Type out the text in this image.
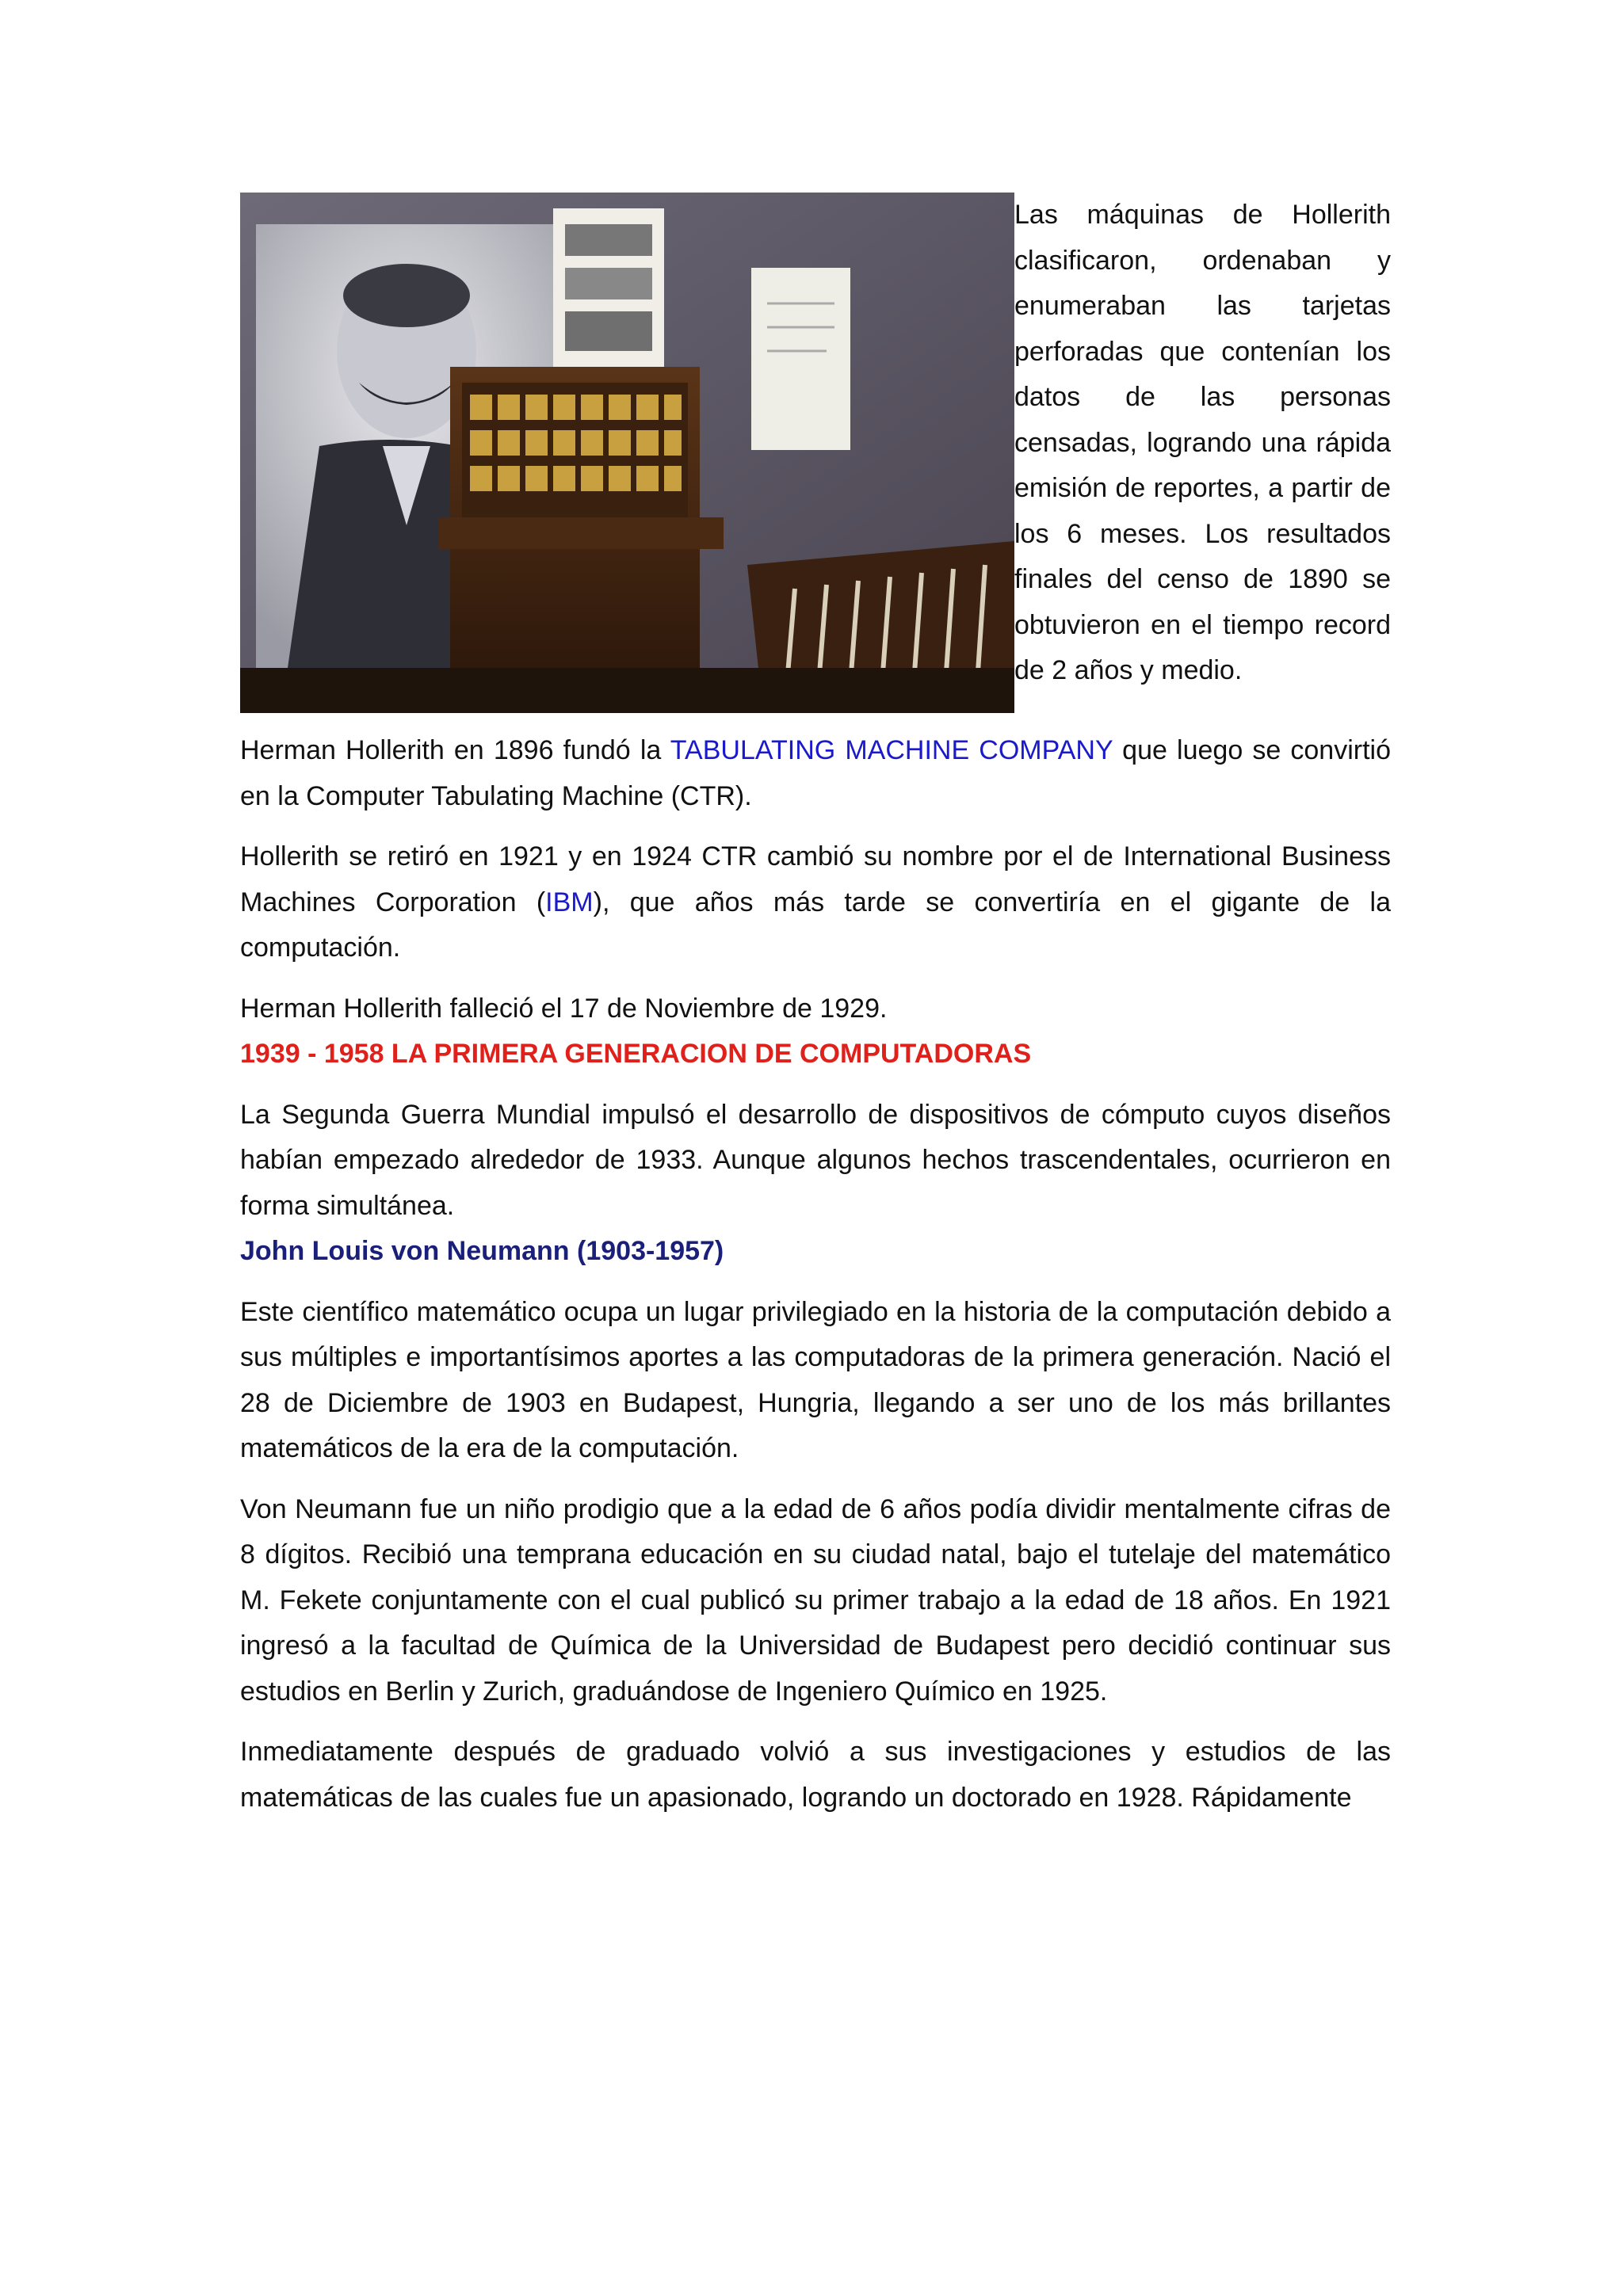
Las máquinas de Hollerith clasificaron, ordenaban y enumeraban las tarjetas perforadas que contenían los datos de las personas censadas, logrando una rápida emisión de reportes, a partir de los 6 meses. Los resultados finales del censo de 1890 se obtuvieron en el tiempo record de 2 años y medio.

Herman Hollerith en 1896 fundó la TABULATING MACHINE COMPANY que luego se convirtió en la Computer Tabulating Machine (CTR).

Hollerith se retiró en 1921 y en 1924 CTR cambió su nombre por el de International Business Machines Corporation (IBM), que años más tarde se convertiría en el gigante de la computación.

Herman Hollerith falleció el 17 de Noviembre de 1929.

1939 - 1958 LA PRIMERA GENERACION DE COMPUTADORAS

La Segunda Guerra Mundial impulsó el desarrollo de dispositivos de cómputo cuyos diseños habían empezado alrededor de 1933. Aunque algunos hechos trascendentales, ocurrieron en forma simultánea.

John Louis von Neumann (1903-1957)

Este científico matemático ocupa un lugar privilegiado en la historia de la computación debido a sus múltiples e importantísimos aportes a las computadoras de la primera generación. Nació el 28 de Diciembre de 1903 en Budapest, Hungria, llegando a ser uno de los más brillantes matemáticos de la era de la computación.

Von Neumann fue un niño prodigio que a la edad de 6 años podía dividir mentalmente cifras de 8 dígitos. Recibió una temprana educación en su ciudad natal, bajo el tutelaje del matemático M. Fekete conjuntamente con el cual publicó su primer trabajo a la edad de 18 años. En 1921 ingresó a la facultad de Química de la Universidad de Budapest pero decidió continuar sus estudios en Berlin y Zurich, graduándose de Ingeniero Químico en 1925.

Inmediatamente después de graduado volvió a sus investigaciones y estudios de las matemáticas de las cuales fue un apasionado, logrando un doctorado en 1928. Rápidamente
